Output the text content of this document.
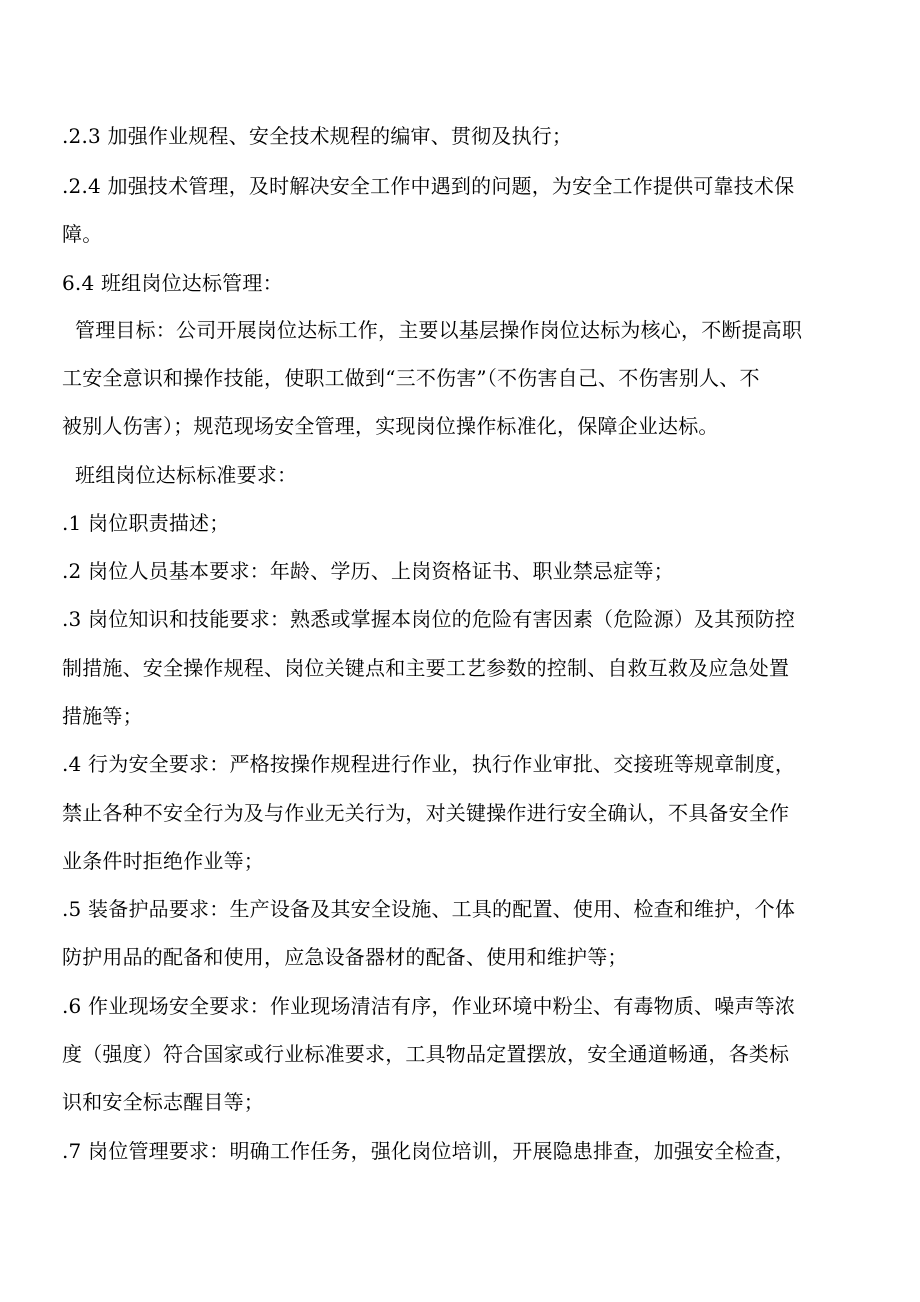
.2.3 加强作业规程、安全技术规程的编审、贯彻及执行；
.2.4 加强技术管理，及时解决安全工作中遇到的问题，为安全工作提供可靠技术保
障。
6.4 班组岗位达标管理：
管理目标：公司开展岗位达标工作，主要以基层操作岗位达标为核心，不断提高职
工安全意识和操作技能，使职工做到“三不伤害”（不伤害自己、不伤害别人、不
被别人伤害）；规范现场安全管理，实现岗位操作标准化，保障企业达标。
班组岗位达标标准要求：
.1 岗位职责描述；
.2 岗位人员基本要求：年龄、学历、上岗资格证书、职业禁忌症等；
.3 岗位知识和技能要求：熟悉或掌握本岗位的危险有害因素（危险源）及其预防控
制措施、安全操作规程、岗位关键点和主要工艺参数的控制、自救互救及应急处置
措施等；
.4 行为安全要求：严格按操作规程进行作业，执行作业审批、交接班等规章制度，
禁止各种不安全行为及与作业无关行为，对关键操作进行安全确认，不具备安全作
业条件时拒绝作业等；
.5 装备护品要求：生产设备及其安全设施、工具的配置、使用、检查和维护，个体
防护用品的配备和使用，应急设备器材的配备、使用和维护等；
.6 作业现场安全要求：作业现场清洁有序，作业环境中粉尘、有毒物质、噪声等浓
度（强度）符合国家或行业标准要求，工具物品定置摆放，安全通道畅通，各类标
识和安全标志醒目等；
.7 岗位管理要求：明确工作任务，强化岗位培训，开展隐患排查，加强安全检查，
